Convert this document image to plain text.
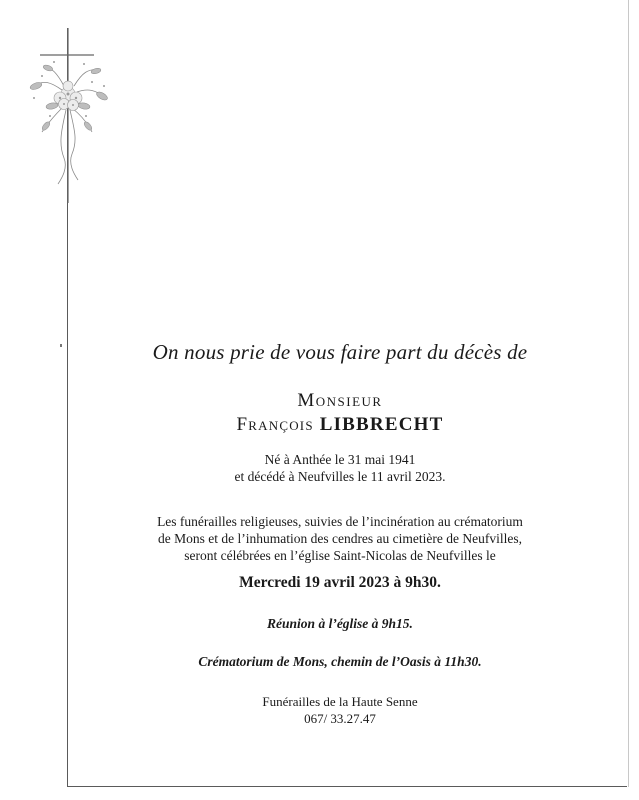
On nous prie de vous faire part du décès de
Monsieur
François LIBBRECHT
Né à Anthée le 31 mai 1941
et décédé à Neufvilles le 11 avril 2023.
Les funérailles religieuses, suivies de l’incinération au crématorium
de Mons et de l’inhumation des cendres au cimetière de Neufvilles,
seront célébrées en l’église Saint-Nicolas de Neufvilles le
Mercredi 19 avril 2023 à 9h30.
Réunion à l’église à 9h15.
Crématorium de Mons, chemin de l’Oasis à 11h30.
Funérailles de la Haute Senne
067/ 33.27.47
